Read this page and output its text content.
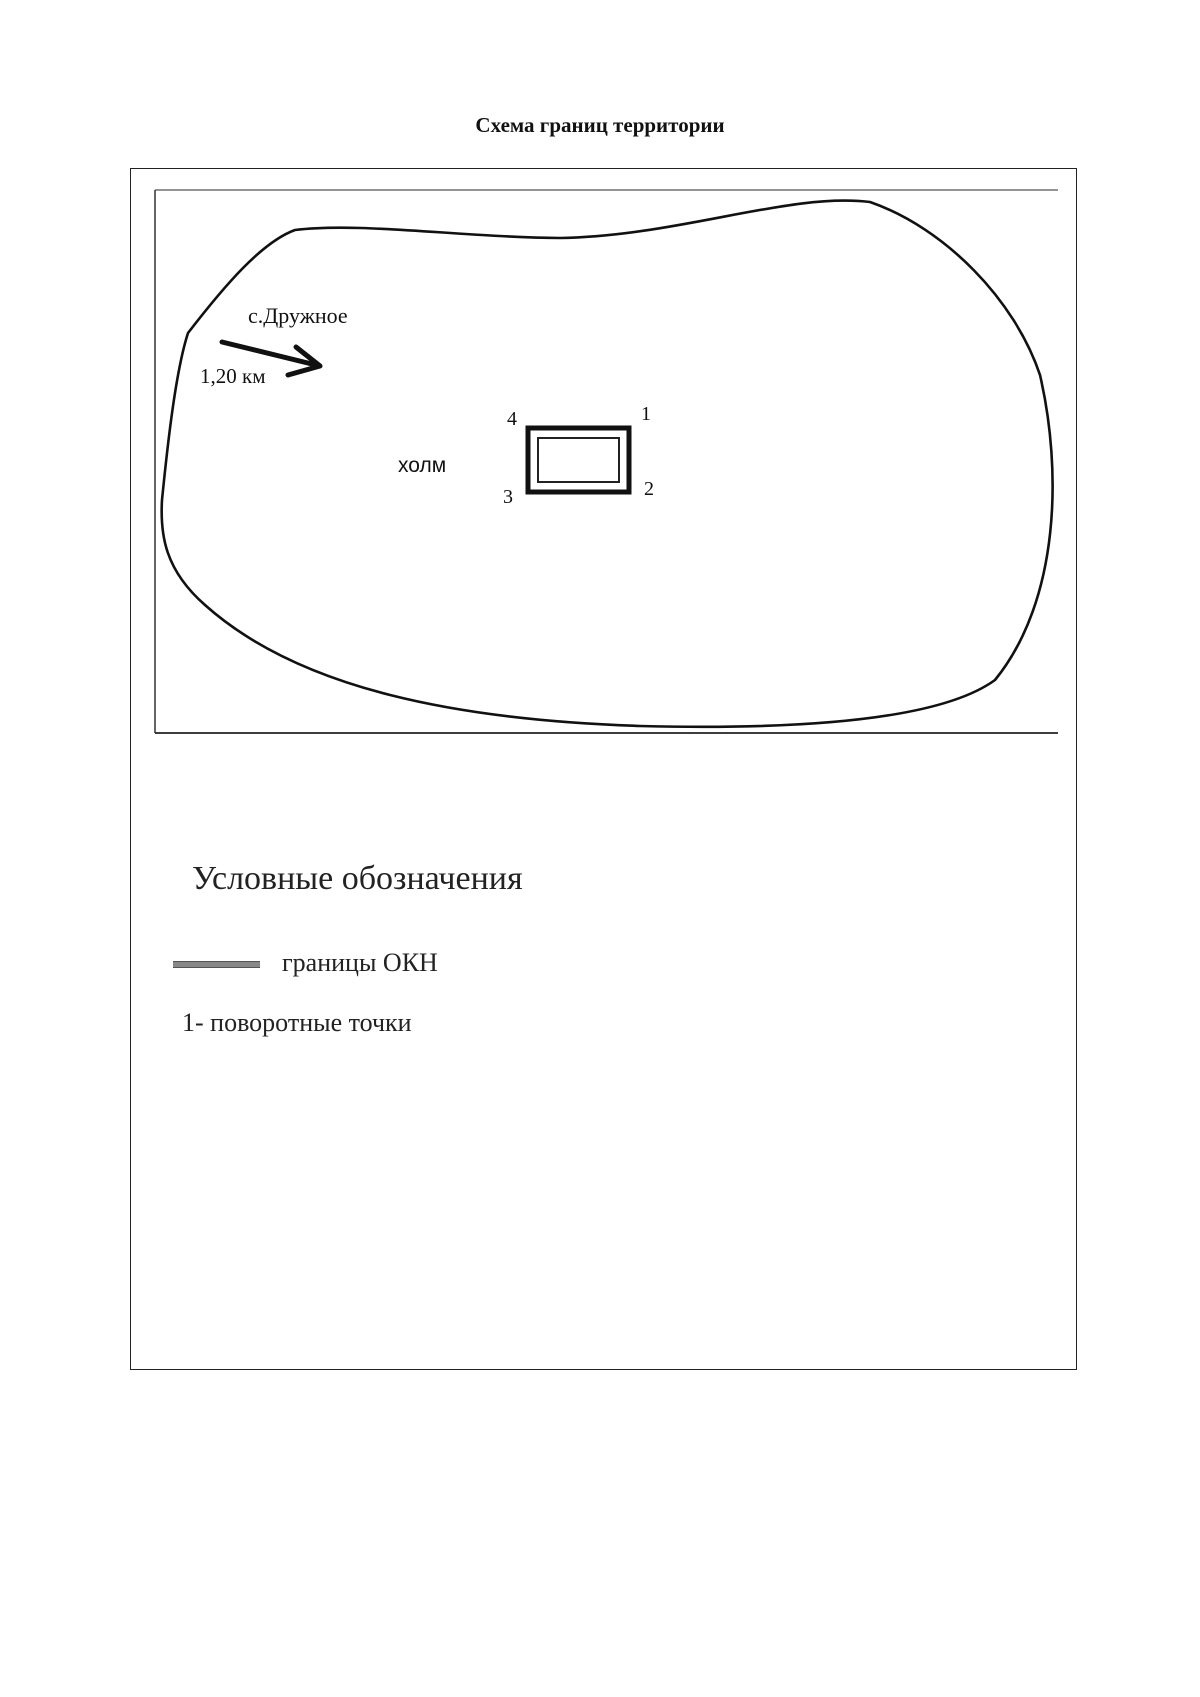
Схема границ территории
с.Дружное
1,20 км
холм
1
2
3
4
Условные обозначения
границы ОКН
1- поворотные точки
